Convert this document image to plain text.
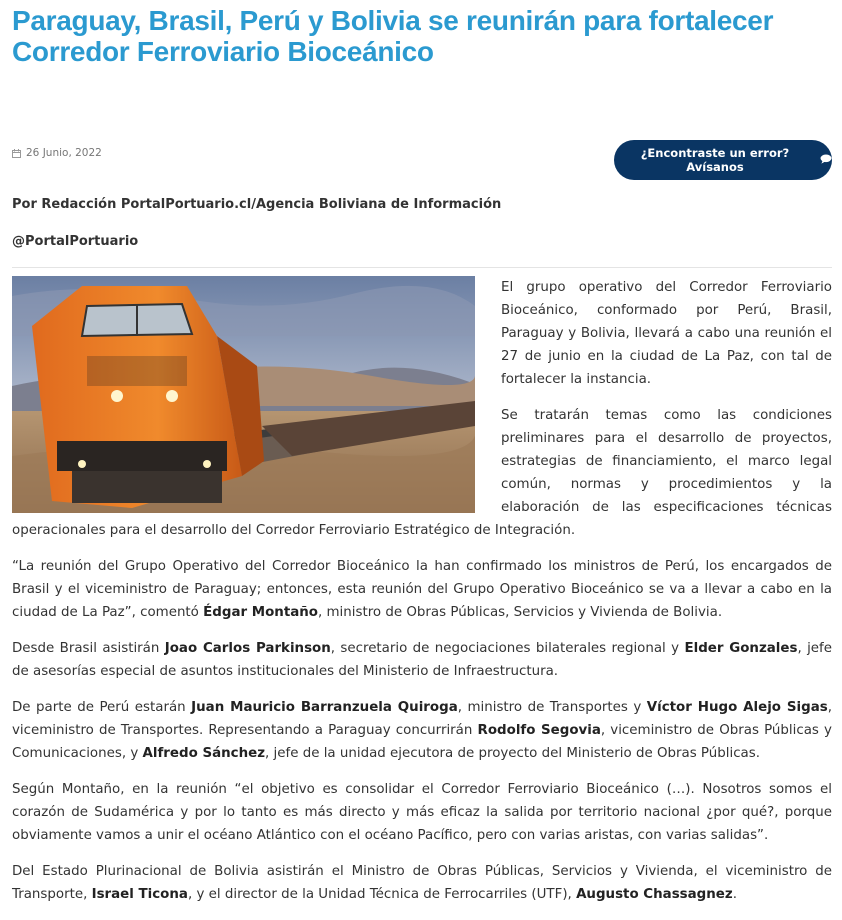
Paraguay, Brasil, Perú y Bolivia se reunirán para fortalecer Corredor Ferroviario Bioceánico
26 Junio, 2022	¿Encontraste un error? Avísanos

Por Redacción PortalPortuario.cl/Agencia Boliviana de Información

@PortalPortuario

El grupo operativo del Corredor Ferroviario Bioceánico, conformado por Perú, Brasil, Paraguay y Bolivia, llevará a cabo una reunión el 27 de junio en la ciudad de La Paz, con tal de fortalecer la instancia.

Se tratarán temas como las condiciones preliminares para el desarrollo de proyectos, estrategias de financiamiento, el marco legal común, normas y procedimientos y la elaboración de las especificaciones técnicas operacionales para el desarrollo del Corredor Ferroviario Estratégico de Integración.

“La reunión del Grupo Operativo del Corredor Bioceánico la han confirmado los ministros de Perú, los encargados de Brasil y el viceministro de Paraguay; entonces, esta reunión del Grupo Operativo Bioceánico se va a llevar a cabo en la ciudad de La Paz”, comentó Édgar Montaño, ministro de Obras Públicas, Servicios y Vivienda de Bolivia.

Desde Brasil asistirán Joao Carlos Parkinson, secretario de negociaciones bilaterales regional y Elder Gonzales, jefe de asesorías especial de asuntos institucionales del Ministerio de Infraestructura.

De parte de Perú estarán Juan Mauricio Barranzuela Quiroga, ministro de Transportes y Víctor Hugo Alejo Sigas, viceministro de Transportes. Representando a Paraguay concurrirán Rodolfo Segovia, viceministro de Obras Públicas y Comunicaciones, y Alfredo Sánchez, jefe de la unidad ejecutora de proyecto del Ministerio de Obras Públicas.

Según Montaño, en la reunión “el objetivo es consolidar el Corredor Ferroviario Bioceánico (…). Nosotros somos el corazón de Sudamérica y por lo tanto es más directo y más eficaz la salida por territorio nacional ¿por qué?, porque obviamente vamos a unir el océano Atlántico con el océano Pacífico, pero con varias aristas, con varias salidas”.

Del Estado Plurinacional de Bolivia asistirán el Ministro de Obras Públicas, Servicios y Vivienda, el viceministro de Transporte, Israel Ticona, y el director de la Unidad Técnica de Ferrocarriles (UTF), Augusto Chassagnez.
